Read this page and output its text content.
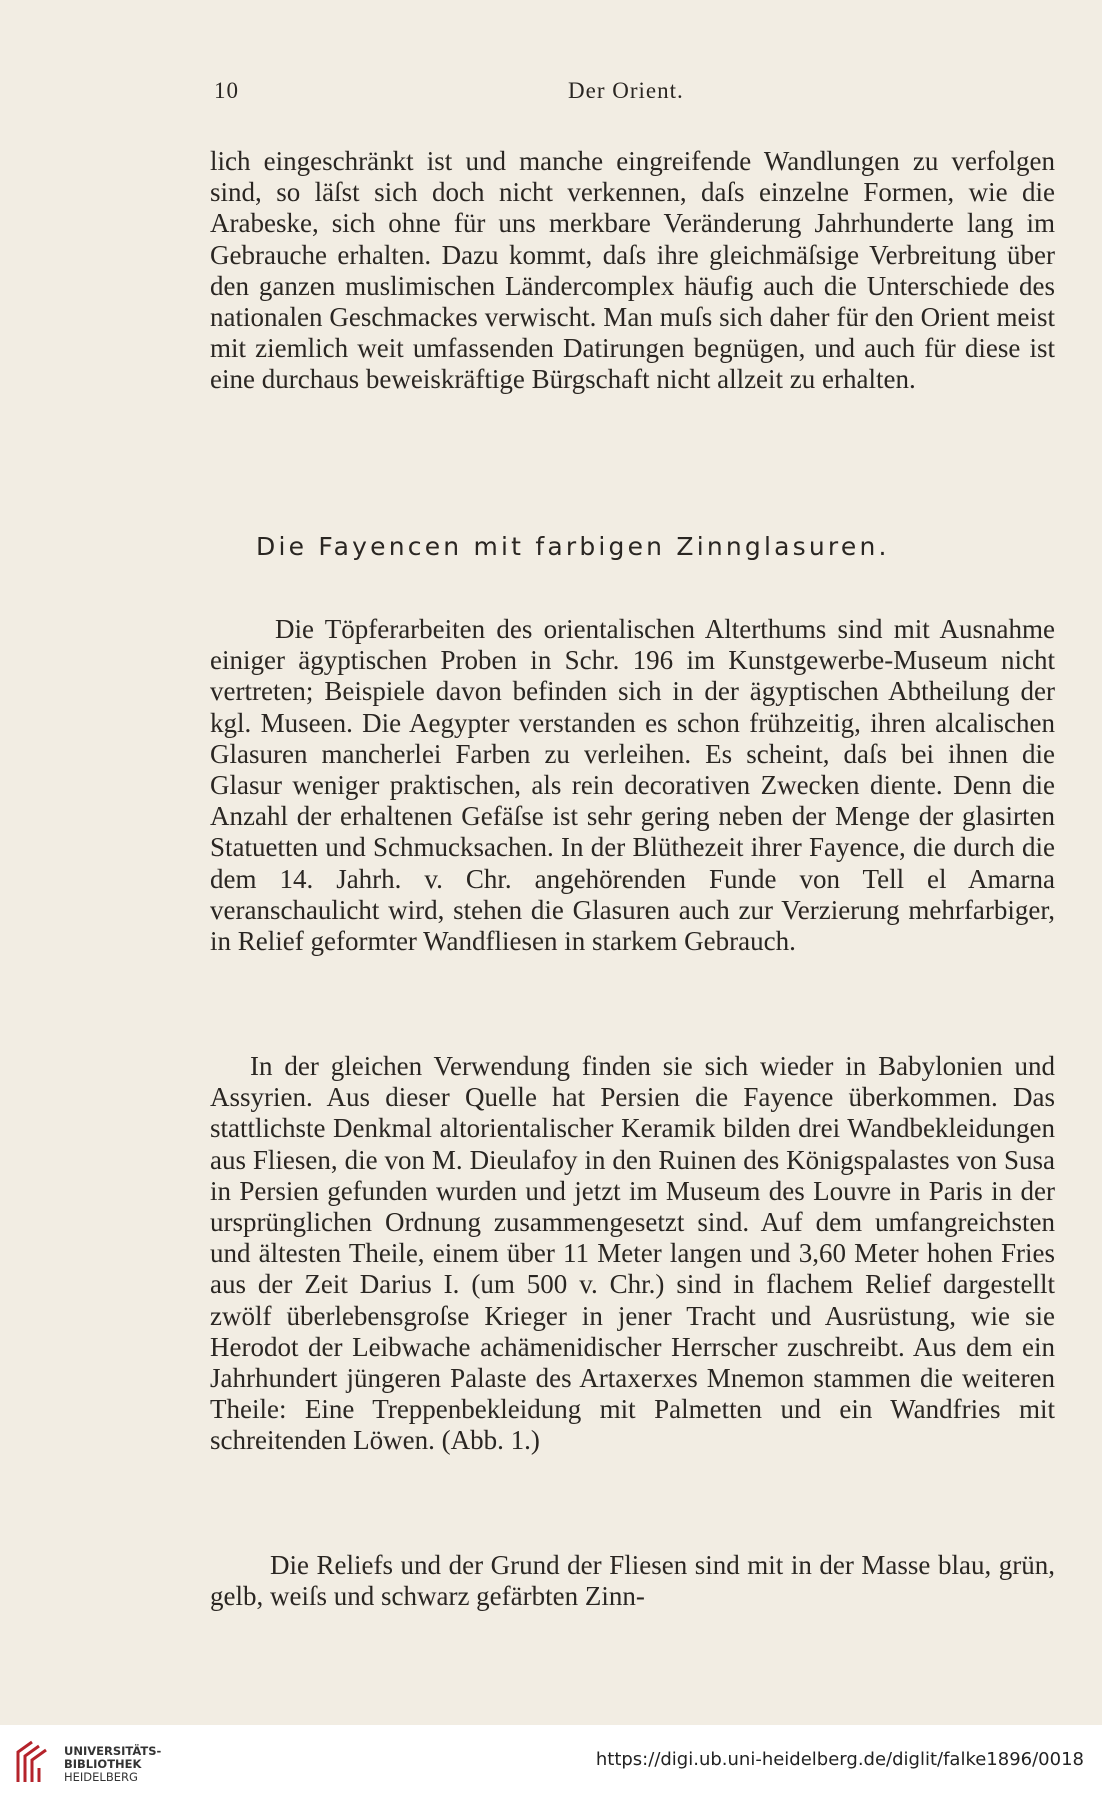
10	Der Orient.

lich eingeschränkt ist und manche eingreifende Wandlungen zu verfolgen sind, so läſst sich doch nicht verkennen, daſs einzelne Formen, wie die Arabeske, sich ohne für uns merkbare Veränderung Jahrhunderte lang im Gebrauche erhalten. Dazu kommt, daſs ihre gleichmäſsige Verbreitung über den ganzen muslimischen Ländercomplex häufig auch die Unterschiede des nationalen Geschmackes verwischt. Man muſs sich daher für den Orient meist mit ziemlich weit umfassenden Datirungen begnügen, und auch für diese ist eine durchaus beweiskräftige Bürgschaft nicht allzeit zu erhalten.

Die Fayencen mit farbigen Zinnglasuren.

Die Töpferarbeiten des orientalischen Alterthums sind mit Ausnahme einiger ägyptischen Proben in Schr. 196 im Kunstgewerbe-Museum nicht vertreten; Beispiele davon befinden sich in der ägyptischen Abtheilung der kgl. Museen. Die Aegypter verstanden es schon frühzeitig, ihren alcalischen Glasuren mancherlei Farben zu verleihen. Es scheint, daſs bei ihnen die Glasur weniger praktischen, als rein decorativen Zwecken diente. Denn die Anzahl der erhaltenen Gefäſse ist sehr gering neben der Menge der glasirten Statuetten und Schmucksachen. In der Blüthezeit ihrer Fayence, die durch die dem 14. Jahrh. v. Chr. angehörenden Funde von Tell el Amarna veranschaulicht wird, stehen die Glasuren auch zur Verzierung mehrfarbiger, in Relief geformter Wandfliesen in starkem Gebrauch.

In der gleichen Verwendung finden sie sich wieder in Babylonien und Assyrien. Aus dieser Quelle hat Persien die Fayence überkommen. Das stattlichste Denkmal altorientalischer Keramik bilden drei Wandbekleidungen aus Fliesen, die von M. Dieulafoy in den Ruinen des Königspalastes von Susa in Persien gefunden wurden und jetzt im Museum des Louvre in Paris in der ursprünglichen Ordnung zusammengesetzt sind. Auf dem umfangreichsten und ältesten Theile, einem über 11 Meter langen und 3,60 Meter hohen Fries aus der Zeit Darius I. (um 500 v. Chr.) sind in flachem Relief dargestellt zwölf überlebensgroſse Krieger in jener Tracht und Ausrüstung, wie sie Herodot der Leibwache achämenidischer Herrscher zuschreibt. Aus dem ein Jahrhundert jüngeren Palaste des Artaxerxes Mnemon stammen die weiteren Theile: Eine Treppenbekleidung mit Palmetten und ein Wandfries mit schreitenden Löwen. (Abb. 1.)

Die Reliefs und der Grund der Fliesen sind mit in der Masse blau, grün, gelb, weiſs und schwarz gefärbten Zinn-

UNIVERSITÄTS-
BIBLIOTHEK
HEIDELBERG
https://digi.ub.uni-heidelberg.de/diglit/falke1896/0018
